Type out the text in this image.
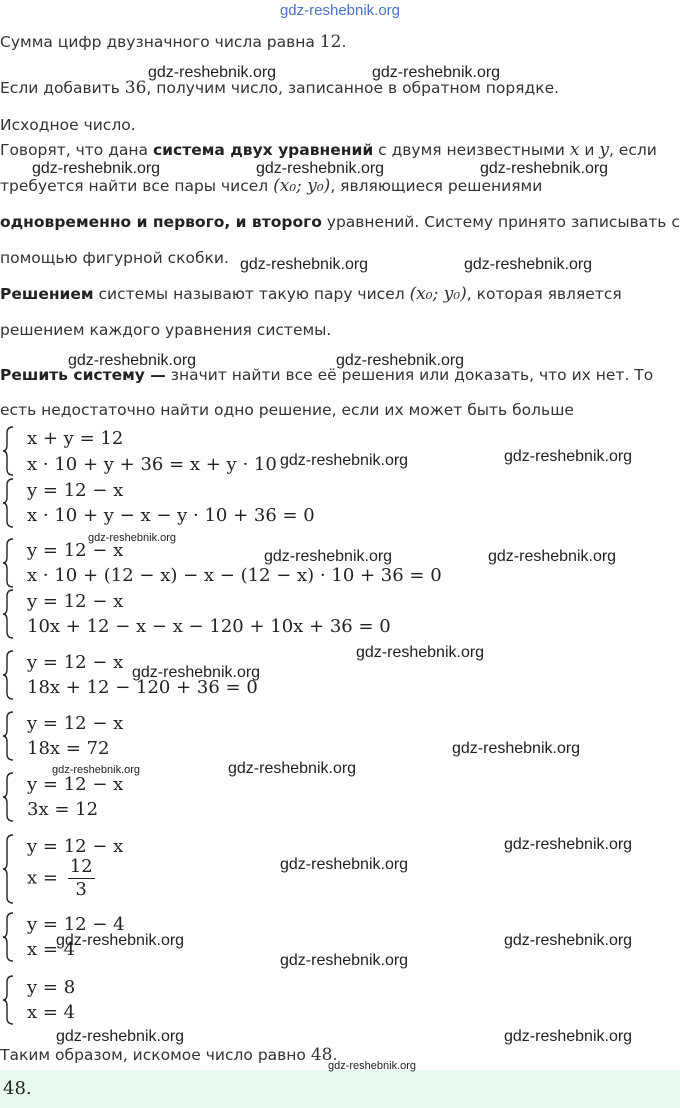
gdz-reshebnik.org

Сумма цифр двузначного числа равна 12.

Если добавить 36, получим число, записанное в обратном порядке.

Исходное число.

Говорят, что дана система двух уравнений с двумя неизвестными x и y, если

требуется найти все пары чисел (x₀; y₀), являющиеся решениями

одновременно и первого, и второго уравнений. Систему принято записывать с

помощью фигурной скобки.

Решением системы называют такую пару чисел (x₀; y₀), которая является

решением каждого уравнения системы.

Решить систему — значит найти все её решения или доказать, что их нет. То

есть недостаточно найти одно решение, если их может быть больше

x + y = 12

x · 10 + y + 36 = x + y · 10

y = 12 − x

x · 10 + y − x − y · 10 + 36 = 0

y = 12 − x

x · 10 + (12 − x) − x − (12 − x) · 10 + 36 = 0

y = 12 − x

10x + 12 − x − x − 120 + 10x + 36 = 0

y = 12 − x

18x + 12 − 120 + 36 = 0

y = 12 − x

18x = 72

y = 12 − x

3x = 12

y = 12 − x

$x = \frac{12}{3}$

y = 12 − 4

x = 4

y = 8

x = 4

Таким образом, искомое число равно 48.

48.

gdz-reshebnik.org	gdz-reshebnik.org

gdz-reshebnik.org	gdz-reshebnik.org	gdz-reshebnik.org

gdz-reshebnik.org	gdz-reshebnik.org

gdz-reshebnik.org	gdz-reshebnik.org

gdz-reshebnik.org	gdz-reshebnik.org

gdz-reshebnik.org

gdz-reshebnik.org	gdz-reshebnik.org

gdz-reshebnik.org

gdz-reshebnik.org

gdz-reshebnik.org

gdz-reshebnik.org	gdz-reshebnik.org

gdz-reshebnik.org

gdz-reshebnik.org

gdz-reshebnik.org	gdz-reshebnik.org

gdz-reshebnik.org

gdz-reshebnik.org	gdz-reshebnik.org

gdz-reshebnik.org
